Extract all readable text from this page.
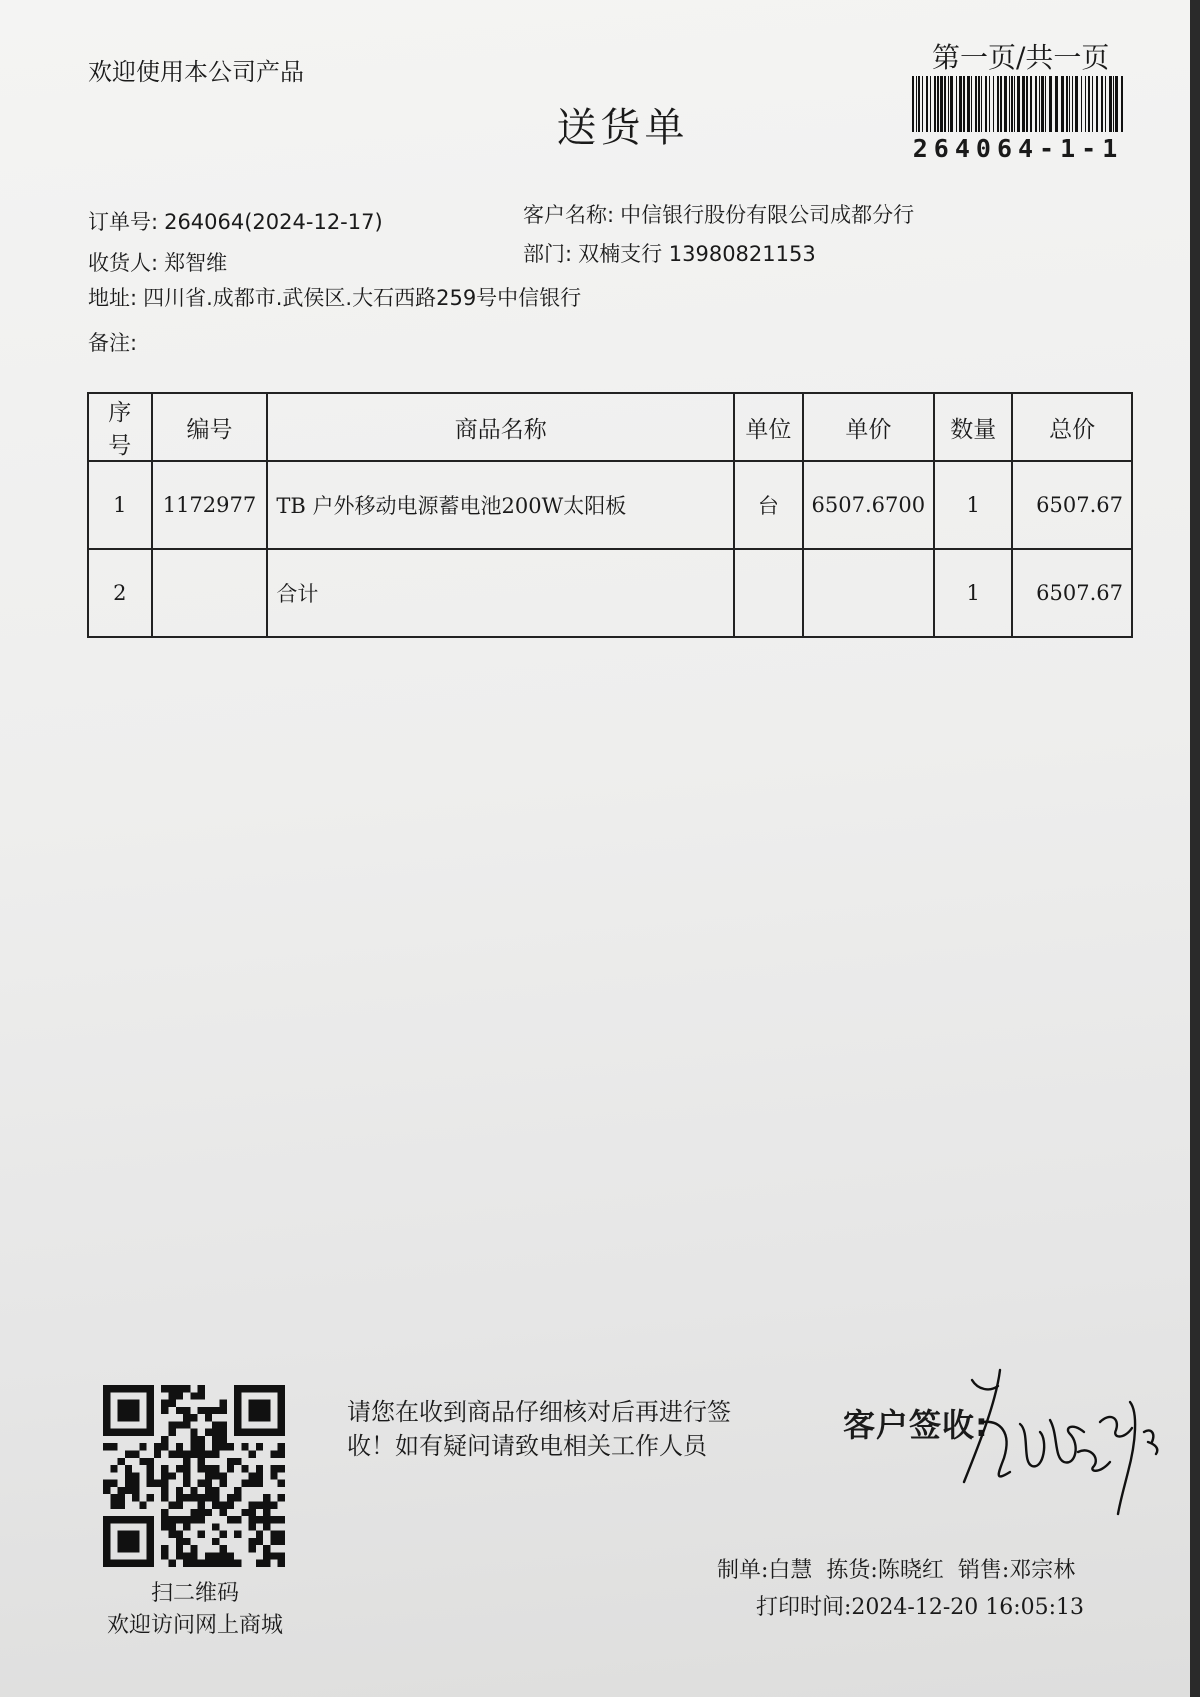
欢迎使用本公司产品
送货单
第一页/共一页
264064-1-1
订单号: 264064(2024-12-17)
收货人: 郑智维
地址: 四川省.成都市.武侯区.大石西路259号中信银行
备注:
客户名称: 中信银行股份有限公司成都分行
部门: 双楠支行 13980821153
序号	编号	商品名称	单位	单价	数量	总价
1	1172977	TB 户外移动电源蓄电池200W太阳板	台	6507.6700	1	6507.67
2		合计			1	6507.67
扫二维码
欢迎访问网上商城
请您在收到商品仔细核对后再进行签收！如有疑问请致电相关工作人员
客户签收:
制单:白慧 拣货:陈晓红 销售:邓宗林
打印时间:2024-12-20 16:05:13
